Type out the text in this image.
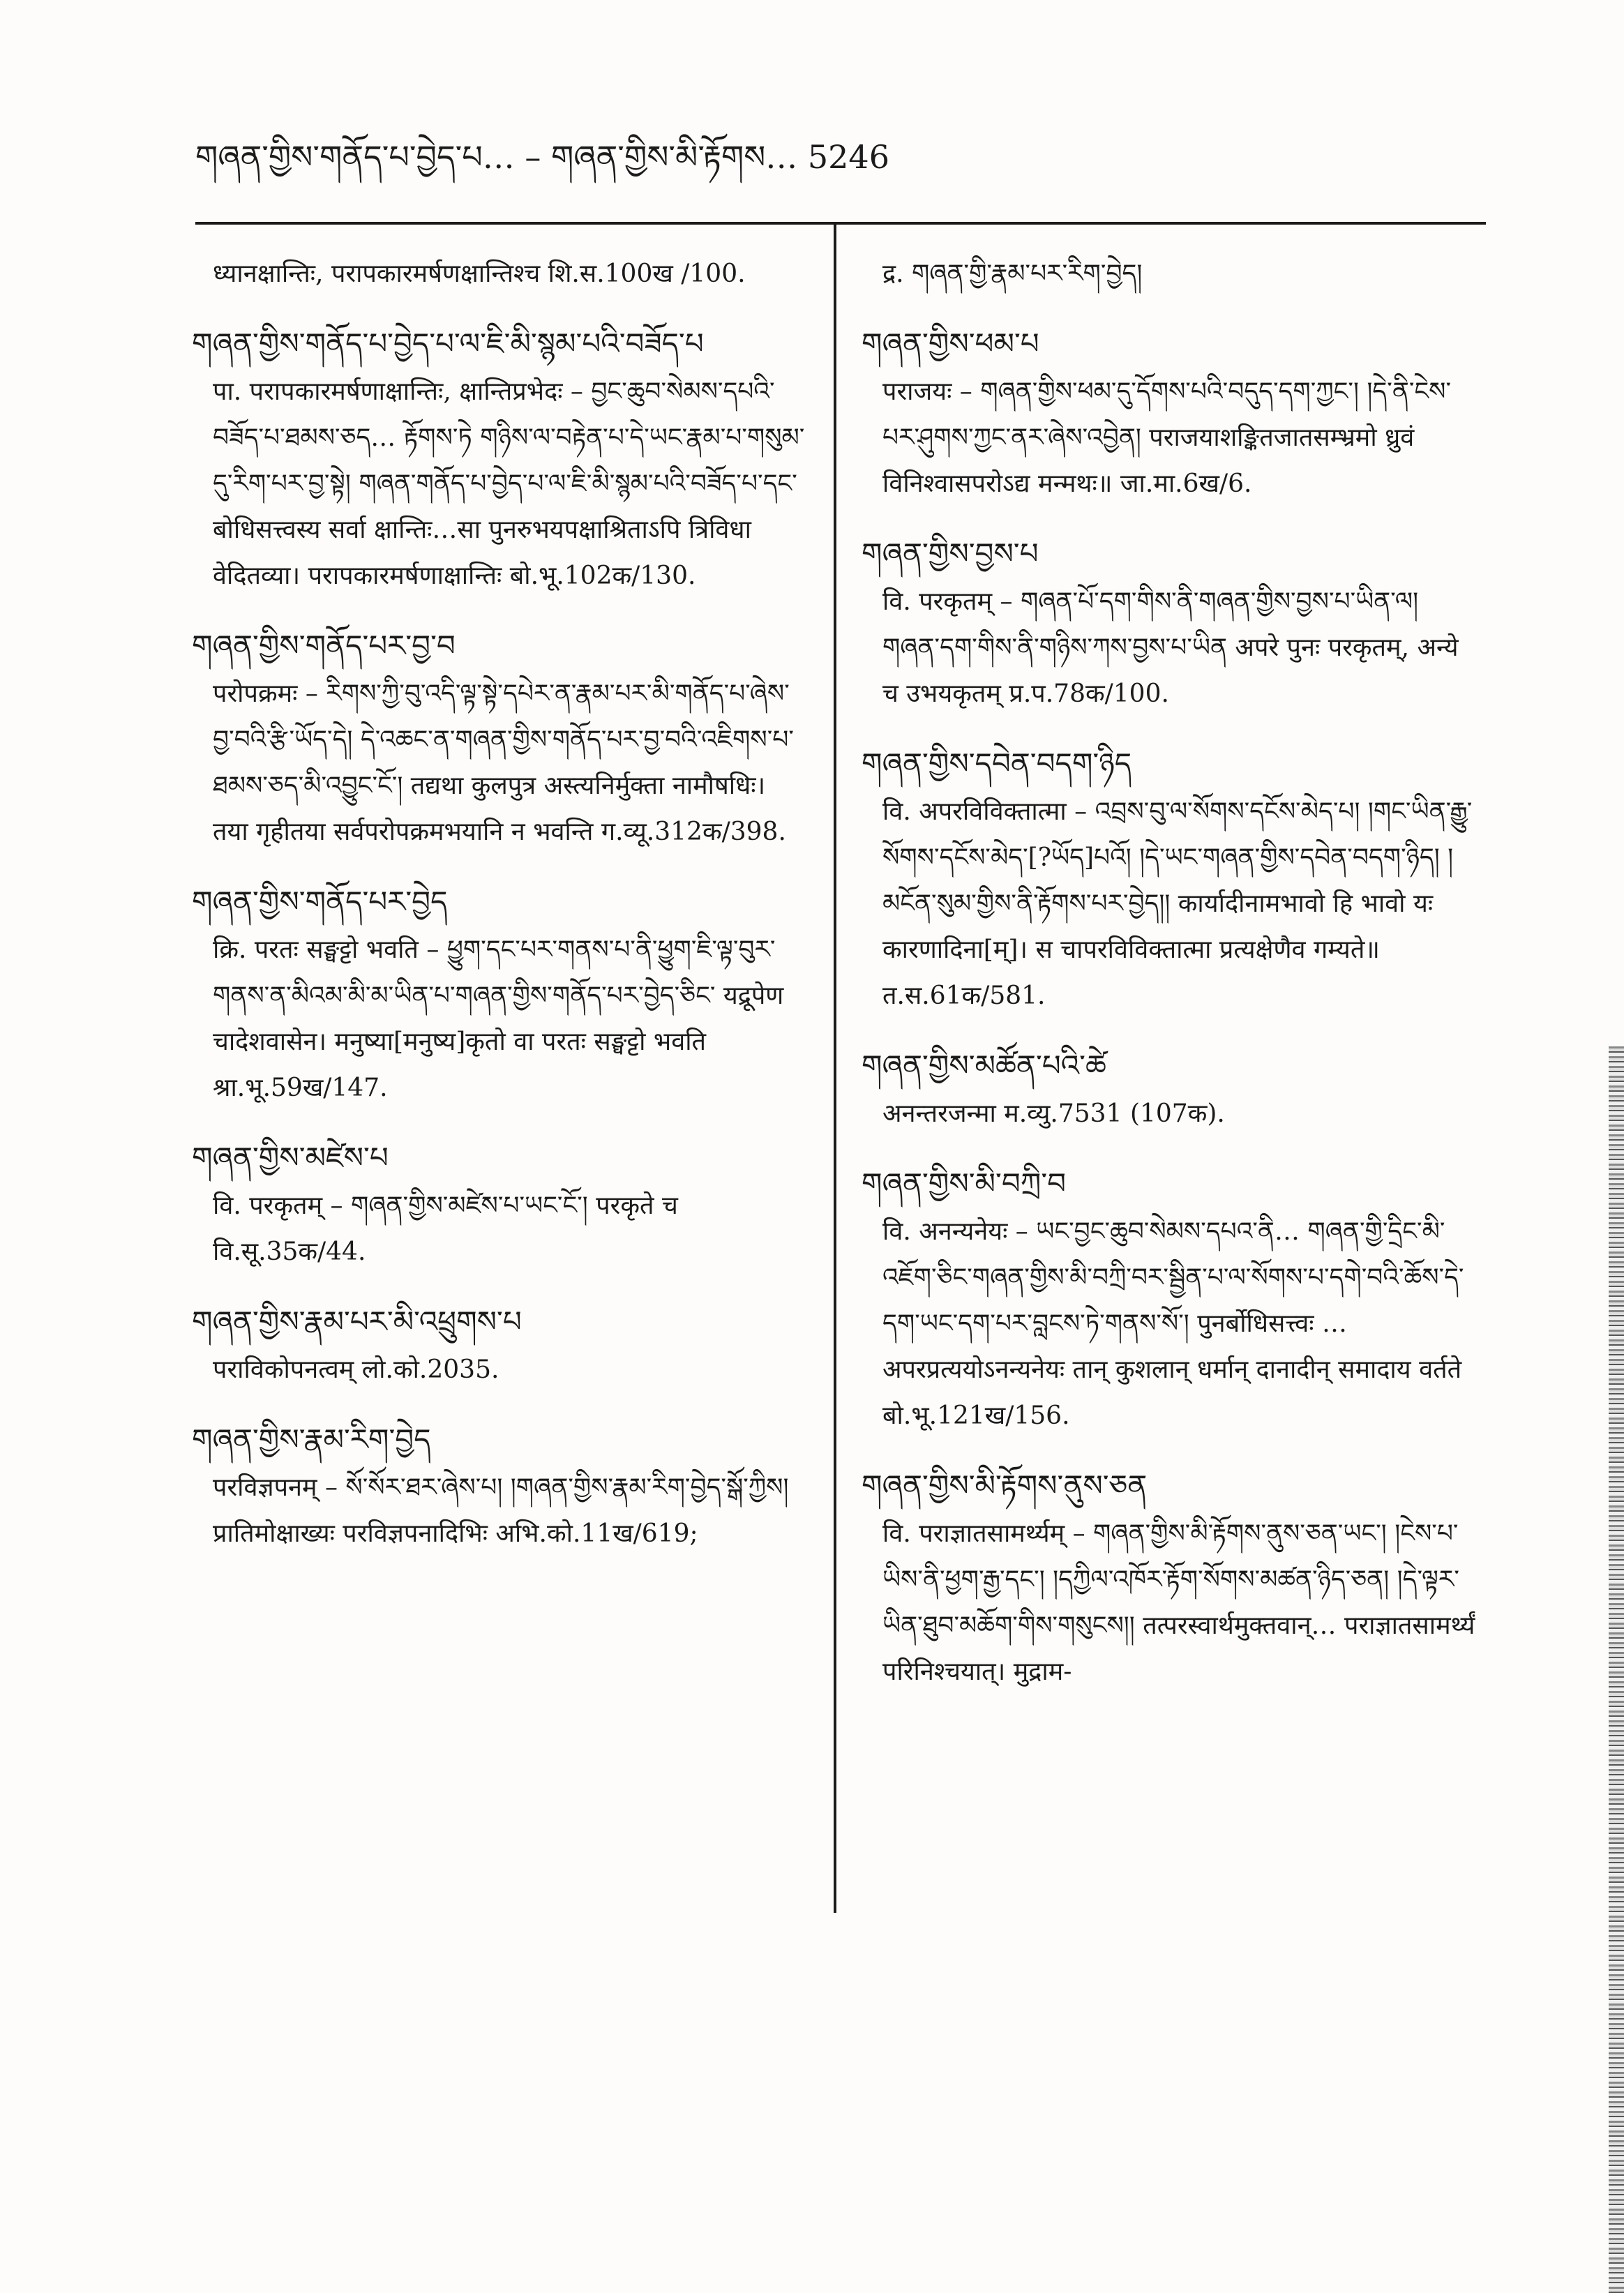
གཞན་གྱིས་གནོད་པ་བྱེད་པ… – གཞན་གྱིས་མི་རྟོགས… 5246
ध्यानक्षान्तिः, परापकारमर्षणक्षान्तिश्च शि.स.100ख /100.
གཞན་གྱིས་གནོད་པ་བྱེད་པ་ལ་ཇི་མི་སྙམ་པའི་བཟོད་པ
पा. परापकारमर्षणाक्षान्तिः, क्षान्तिप्रभेदः – བྱང་ཆུབ་སེམས་དཔའི་བཟོད་པ་ཐམས་ཅད… རྟོགས་ཏེ གཉིས་ལ་བརྟེན་པ་དེ་ཡང་རྣམ་པ་གསུམ་དུ་རིག་པར་བྱ་སྟེ། གཞན་གནོད་པ་བྱེད་པ་ལ་ཇི་མི་སྙམ་པའི་བཟོད་པ་དང་ बोधिसत्त्वस्य सर्वा क्षान्तिः…सा पुनरुभयपक्षाश्रिताऽपि त्रिविधा वेदितव्या। परापकारमर्षणाक्षान्तिः बो.भू.102क/130.
གཞན་གྱིས་གནོད་པར་བྱ་བ
परोपक्रमः – རིགས་ཀྱི་བུ་འདི་ལྟ་སྟེ་དཔེར་ན་རྣམ་པར་མི་གནོད་པ་ཞེས་བྱ་བའི་རྩི་ཡོད་དེ། དེ་འཆང་ན་གཞན་གྱིས་གནོད་པར་བྱ་བའི་འཇིགས་པ་ཐམས་ཅད་མི་འབྱུང་ངོ༌། तद्यथा कुलपुत्र अस्त्यनिर्मुक्ता नामौषधिः। तया गृहीतया सर्वपरोपक्रमभयानि न भवन्ति ग.व्यू.312क/398.
གཞན་གྱིས་གནོད་པར་བྱེད
क्रि. परतः सङ्घट्टो भवति – ཕྱུག་དང་པར་གནས་པ་ནི་ཕྱུག་ཇི་ལྟ་བུར་གནས་ན་མིའམ་མི་མ་ཡིན་པ་གཞན་གྱིས་གནོད་པར་བྱེད་ཅིང་ यद्रूपेण चादेशवासेन। मनुष्या[मनुष्य]कृतो वा परतः सङ्घट्टो भवति श्रा.भू.59ख/147.
གཞན་གྱིས་མཛེས་པ
वि. परकृतम् – གཞན་གྱིས་མཛེས་པ་ཡང་ངོ༌། परकृते च वि.सू.35क/44.
གཞན་གྱིས་རྣམ་པར་མི་འཕྲུགས་པ
पराविकोपनत्वम् लो.को.2035.
གཞན་གྱིས་རྣམ་རིག་བྱེད
परविज्ञपनम् – སོ་སོར་ཐར་ཞེས་པ། །གཞན་གྱིས་རྣམ་རིག་བྱེད་སྒོ་ཀྱིས། प्रातिमोक्षाख्यः परविज्ञपनादिभिः अभि.को.11ख/619;
द्र. གཞན་གྱི་རྣམ་པར་རིག་བྱེད།
གཞན་གྱིས་ཕམ་པ
पराजयः – གཞན་གྱིས་ཕམ་དུ་དོགས་པའི་བདུད་དག་ཀྱང་། །དེ་ནི་ངེས་པར་ཤུགས་ཀྱང་ནར་ཞེས་འབྱེན། पराजयाशङ्कितजातसम्भ्रमो ध्रुवं विनिश्वासपरोऽद्य मन्मथः॥ जा.मा.6ख/6.
གཞན་གྱིས་བྱས་པ
वि. परकृतम् – གཞན་པོ་དག་གིས་ནི་གཞན་གྱིས་བྱས་པ་ཡིན་ལ། གཞན་དག་གིས་ནི་གཉིས་ཀས་བྱས་པ་ཡིན अपरे पुनः परकृतम्, अन्ये च उभयकृतम् प्र.प.78क/100.
གཞན་གྱིས་དབེན་བདག་ཉིད
वि. अपरविविक्तात्मा – འབྲས་བུ་ལ་སོགས་དངོས་མེད་པ། །གང་ཡིན་རྒྱུ་སོགས་དངོས་མེད་[?ཡོད]པའོ། །དེ་ཡང་གཞན་གྱིས་དབེན་བདག་ཉིད། །མངོན་སུམ་གྱིས་ནི་རྟོགས་པར་བྱེད།། कार्यादीनामभावो हि भावो यः कारणादिना[म्]। स चापरविविक्तात्मा प्रत्यक्षेणैव गम्यते॥ त.स.61क/581.
གཞན་གྱིས་མཚོན་པའི་ཚེ
अनन्तरजन्मा म.व्यु.7531 (107क).
གཞན་གྱིས་མི་བཀྲི་བ
वि. अनन्यनेयः – ཡང་བྱང་ཆུབ་སེམས་དཔའ་ནི… གཞན་གྱི་དྲིང་མི་འཇོག་ཅིང་གཞན་གྱིས་མི་བཀྲི་བར་སྦྱིན་པ་ལ་སོགས་པ་དགེ་བའི་ཆོས་དེ་དག་ཡང་དག་པར་བླངས་ཏེ་གནས་སོ༌། पुनर्बोधिसत्त्वः …अपरप्रत्ययोऽनन्यनेयः तान् कुशलान् धर्मान् दानादीन् समादाय वर्तते बो.भू.121ख/156.
གཞན་གྱིས་མི་རྟོགས་ནུས་ཅན
वि. पराज्ञातसामर्थ्यम् – གཞན་གྱིས་མི་རྟོགས་ནུས་ཅན་ཡང་། །ངེས་པ་ཡིས་ནི་ཕྱག་རྒྱ་དང་། །དཀྱིལ་འཁོར་རྟོག་སོགས་མཚན་ཉིད་ཅན། །དེ་ལྟར་ཡིན་ཐུབ་མཆོག་གིས་གསུངས།། तत्परस्वार्थमुक्तवान्… पराज्ञातसामर्थ्यं परिनिश्चयात्। मुद्राम-
